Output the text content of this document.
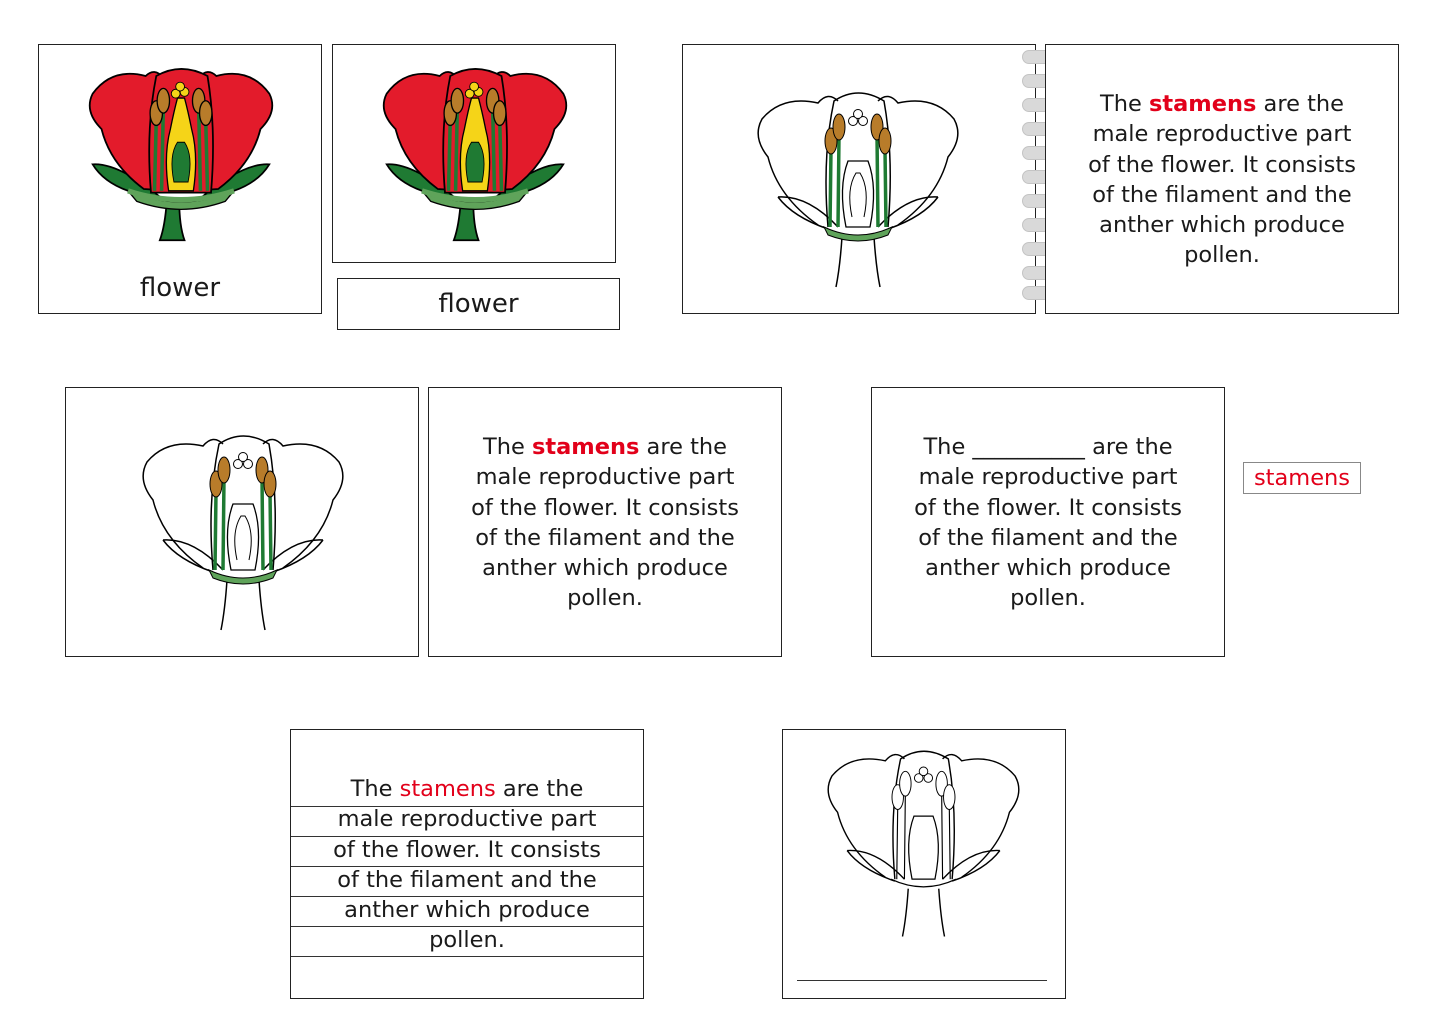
flower
flower
The stamens are the
male reproductive part
of the flower. It consists
of the filament and the
anther which produce
pollen.
The stamens are the
male reproductive part
of the flower. It consists
of the filament and the
anther which produce
pollen.
The __________ are the
male reproductive part
of the flower. It consists
of the filament and the
anther which produce
pollen.
stamens
The stamens are the
male reproductive part
of the flower. It consists
of the filament and the
anther which produce
pollen.
